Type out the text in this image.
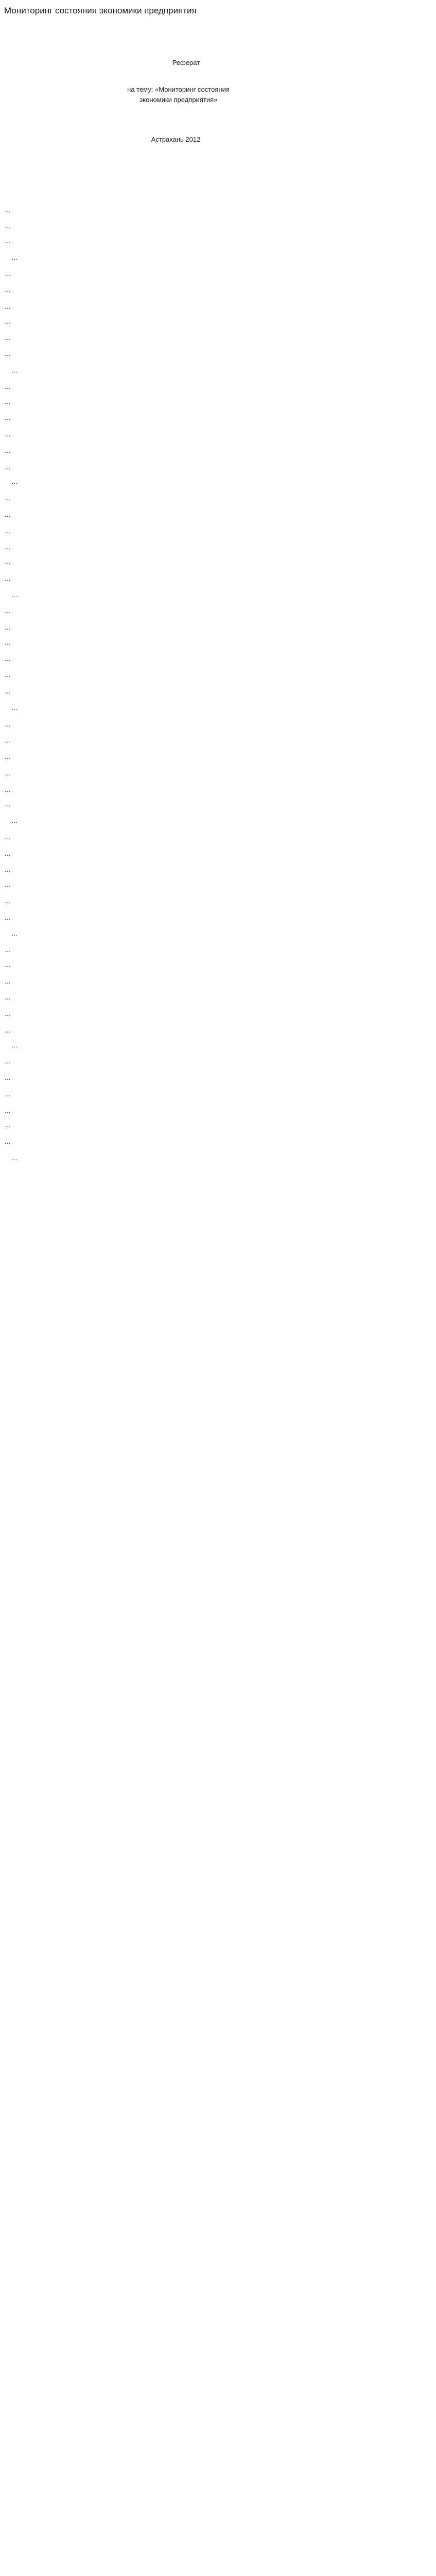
Мониторинг состояния экономики предприятия
Реферат
на тему: «Мониторинг состояния
экономики предприятия»
Астрахань 2012

…

…

…

…

…

…

…

…

…

…

…

…

…

…

…

…

…

…

…

…

…

…

…

…

…

…

…

…

…

…

…

…

…

…

…

…

…

…

…

…

…

…

…

…

…

…

…

…

…

…

…

…

…

…

…

…

…

…

…

…
